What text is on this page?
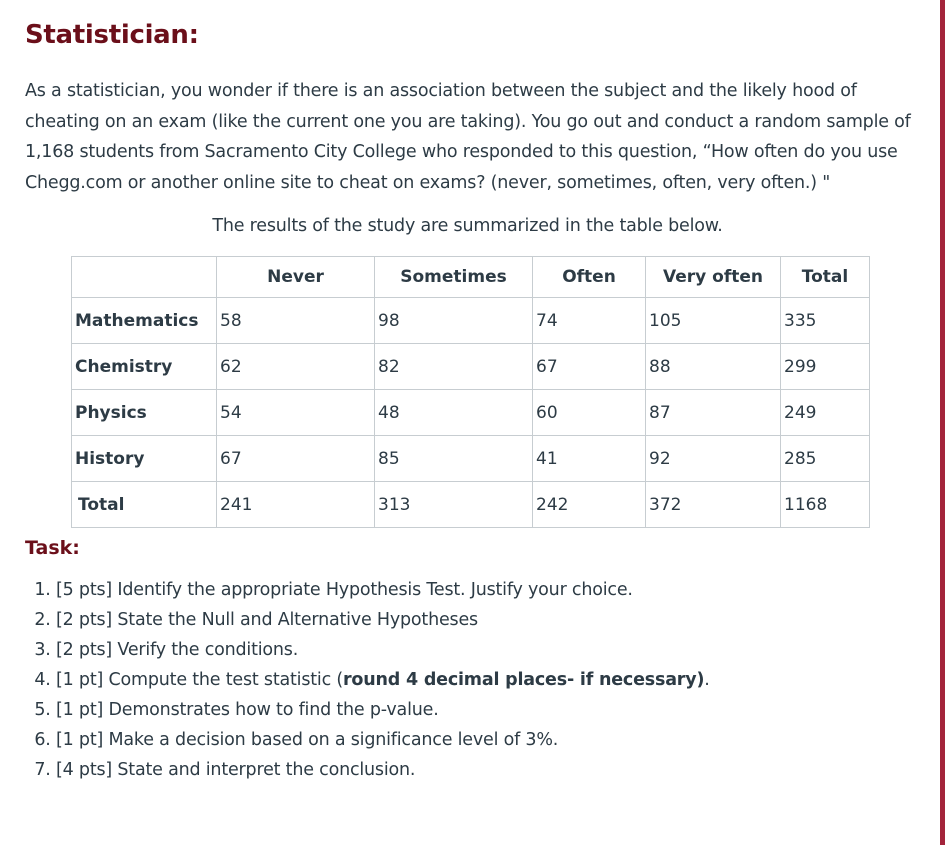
Statistician:

As a statistician, you wonder if there is an association between the subject and the likely hood of cheating on an exam (like the current one you are taking). You go out and conduct a random sample of 1,168 students from Sacramento City College who responded to this question, “How often do you use Chegg.com or another online site to cheat on exams? (never, sometimes, often, very often.) "

The results of the study are summarized in the table below.

	Never	Sometimes	Often	Very often	Total
Mathematics	58	98	74	105	335
Chemistry	62	82	67	88	299
Physics	54	48	60	87	249
History	67	85	41	92	285
Total	241	313	242	372	1168
Task:
1. [5 pts] Identify the appropriate Hypothesis Test. Justify your choice.
2. [2 pts] State the Null and Alternative Hypotheses
3. [2 pts] Verify the conditions.
4. [1 pt] Compute the test statistic (round 4 decimal places- if necessary).
5. [1 pt] Demonstrates how to find the p-value.
6. [1 pt] Make a decision based on a significance level of 3%.
7. [4 pts] State and interpret the conclusion.
